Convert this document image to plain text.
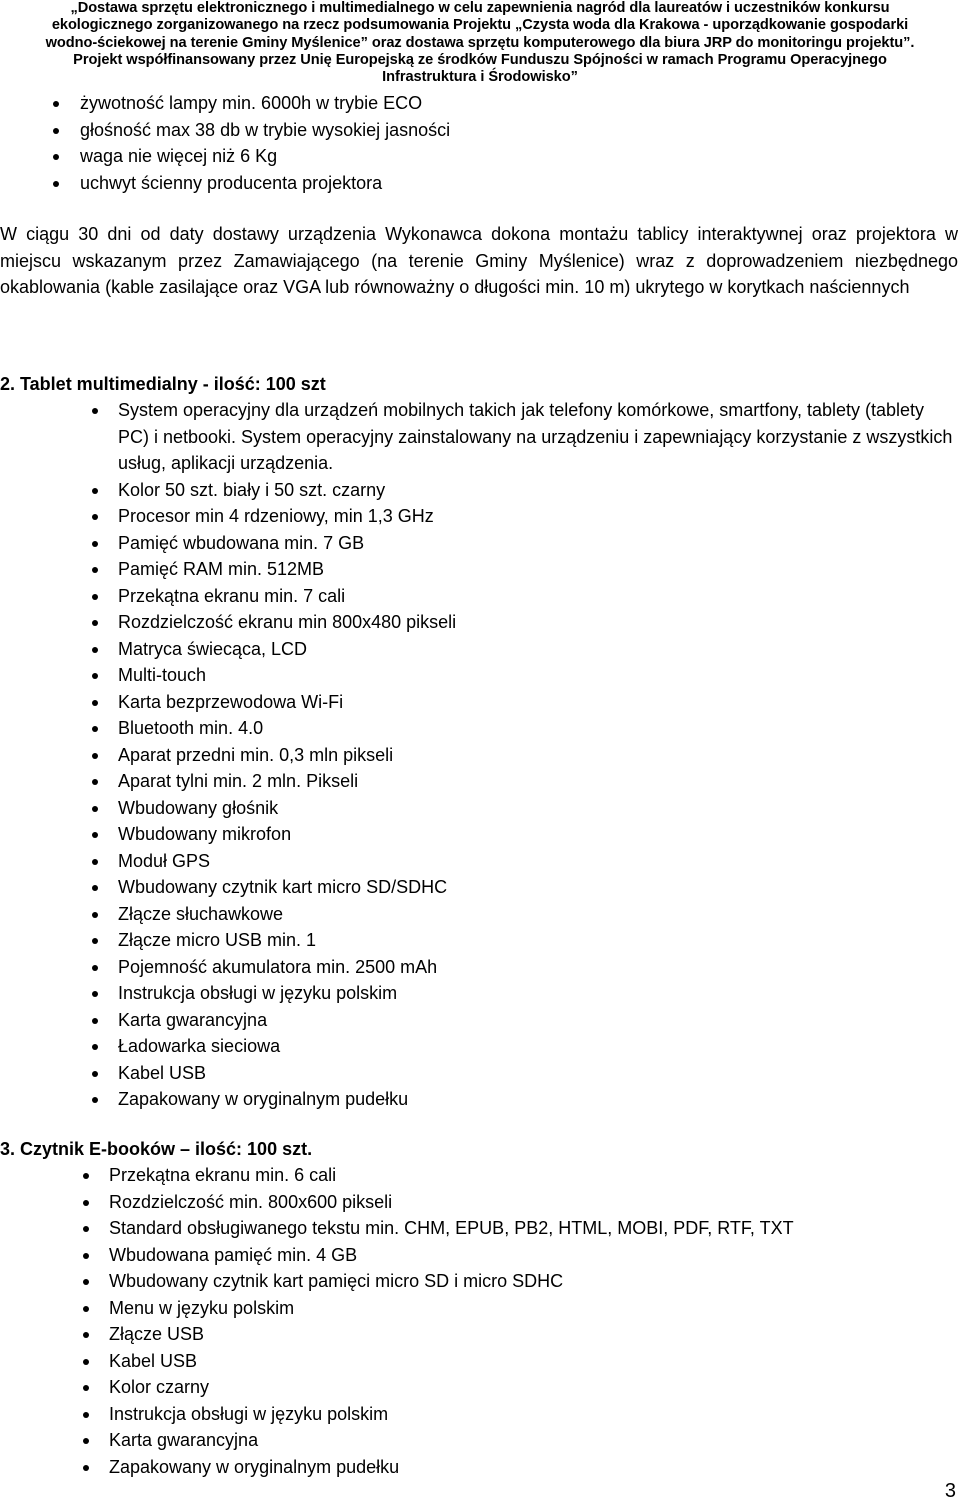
„Dostawa sprzętu elektronicznego i multimedialnego w celu zapewnienia nagród dla laureatów i uczestników konkursu
ekologicznego zorganizowanego na rzecz podsumowania Projektu „Czysta woda dla Krakowa - uporządkowanie gospodarki
wodno-ściekowej na terenie Gminy Myślenice” oraz dostawa sprzętu komputerowego dla biura JRP do monitoringu projektu”.
Projekt współfinansowany przez Unię Europejską ze środków Funduszu Spójności w ramach Programu Operacyjnego
Infrastruktura i Środowisko”
żywotność lampy min. 6000h w trybie ECO
głośność max 38 db w trybie wysokiej jasności
waga nie więcej niż 6 Kg
uchwyt ścienny producenta projektora
W ciągu 30 dni od daty dostawy urządzenia Wykonawca dokona montażu tablicy interaktywnej oraz projektora w miejscu wskazanym przez Zamawiającego (na terenie Gminy Myślenice) wraz z doprowadzeniem niezbędnego okablowania (kable zasilające oraz VGA lub równoważny o długości min. 10 m) ukrytego w korytkach naściennych
2. Tablet multimedialny - ilość: 100 szt
System operacyjny dla urządzeń mobilnych takich jak telefony komórkowe, smartfony, tablety (tablety PC) i netbooki. System operacyjny zainstalowany na urządzeniu i zapewniający korzystanie z wszystkich usług, aplikacji urządzenia.
Kolor 50 szt. biały i 50 szt. czarny
Procesor min 4 rdzeniowy, min 1,3 GHz
Pamięć wbudowana min. 7 GB
Pamięć RAM min. 512MB
Przekątna ekranu min. 7 cali
Rozdzielczość ekranu min 800x480 pikseli
Matryca świecąca, LCD
Multi-touch
Karta bezprzewodowa Wi-Fi
Bluetooth min. 4.0
Aparat przedni min. 0,3 mln pikseli
Aparat tylni min. 2 mln. Pikseli
Wbudowany głośnik
Wbudowany mikrofon
Moduł GPS
Wbudowany czytnik kart micro SD/SDHC
Złącze słuchawkowe
Złącze micro USB min. 1
Pojemność akumulatora min. 2500 mAh
Instrukcja obsługi w języku polskim
Karta gwarancyjna
Ładowarka sieciowa
Kabel USB
Zapakowany w oryginalnym pudełku
3. Czytnik E-booków – ilość: 100 szt.
Przekątna ekranu min. 6 cali
Rozdzielczość min. 800x600 pikseli
Standard obsługiwanego tekstu min. CHM, EPUB, PB2, HTML, MOBI, PDF, RTF, TXT
Wbudowana pamięć min. 4 GB
Wbudowany czytnik kart pamięci micro SD i micro SDHC
Menu w języku polskim
Złącze USB
Kabel USB
Kolor czarny
Instrukcja obsługi w języku polskim
Karta gwarancyjna
Zapakowany w oryginalnym pudełku
3
